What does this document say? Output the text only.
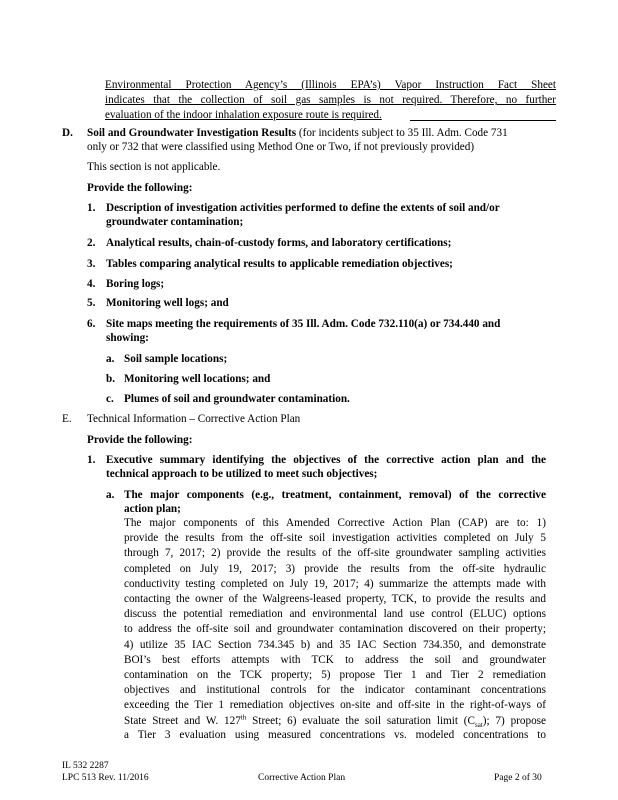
Environmental Protection Agency’s (Illinois EPA’s) Vapor Instruction Fact Sheet
indicates that the collection of soil gas samples is not required. Therefore, no further
evaluation of the indoor inhalation exposure route is required.
D. Soil and Groundwater Investigation Results (for incidents subject to 35 Ill. Adm. Code 731
only or 732 that were classified using Method One or Two, if not previously provided)
This section is not applicable.
Provide the following:
1. Description of investigation activities performed to define the extents of soil and/or
groundwater contamination;
2. Analytical results, chain-of-custody forms, and laboratory certifications;
3. Tables comparing analytical results to applicable remediation objectives;
4. Boring logs;
5. Monitoring well logs; and
6. Site maps meeting the requirements of 35 Ill. Adm. Code 732.110(a) or 734.440 and
showing:
a. Soil sample locations;
b. Monitoring well locations; and
c. Plumes of soil and groundwater contamination.
E. Technical Information – Corrective Action Plan
Provide the following:
1. Executive summary identifying the objectives of the corrective action plan and the
technical approach to be utilized to meet such objectives;
a. The major components (e.g., treatment, containment, removal) of the corrective
action plan;
The major components of this Amended Corrective Action Plan (CAP) are to: 1)
provide the results from the off-site soil investigation activities completed on July 5
through 7, 2017; 2) provide the results of the off-site groundwater sampling activities
completed on July 19, 2017; 3) provide the results from the off-site hydraulic
conductivity testing completed on July 19, 2017; 4) summarize the attempts made with
contacting the owner of the Walgreens-leased property, TCK, to provide the results and
discuss the potential remediation and environmental land use control (ELUC) options
to address the off-site soil and groundwater contamination discovered on their property;
4) utilize 35 IAC Section 734.345 b) and 35 IAC Section 734.350, and demonstrate
BOI’s best efforts attempts with TCK to address the soil and groundwater
contamination on the TCK property; 5) propose Tier 1 and Tier 2 remediation
objectives and institutional controls for the indicator contaminant concentrations
exceeding the Tier 1 remediation objectives on-site and off-site in the right-of-ways of
State Street and W. 127th Street; 6) evaluate the soil saturation limit $(C_{sat})$; 7) propose
a Tier 3 evaluation using measured concentrations vs. modeled concentrations to
IL 532 2287
LPC 513 Rev. 11/2016	Corrective Action Plan	Page 2 of 30
